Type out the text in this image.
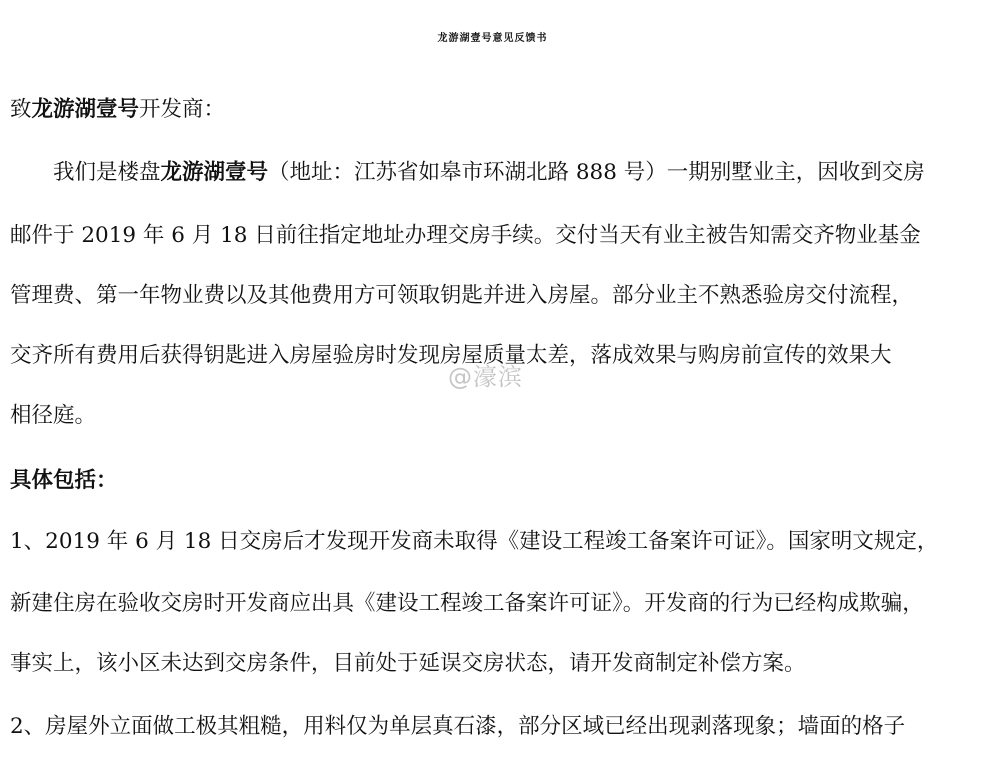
龙游湖壹号意见反馈书
致龙游湖壹号开发商：
我们是楼盘龙游湖壹号（地址：江苏省如皋市环湖北路 888 号）一期别墅业主，因收到交房
邮件于 2019 年 6 月 18 日前往指定地址办理交房手续。交付当天有业主被告知需交齐物业基金
管理费、第一年物业费以及其他费用方可领取钥匙并进入房屋。部分业主不熟悉验房交付流程，
交齐所有费用后获得钥匙进入房屋验房时发现房屋质量太差，落成效果与购房前宣传的效果大
相径庭。
具体包括：
1、2019 年 6 月 18 日交房后才发现开发商未取得《建设工程竣工备案许可证》。国家明文规定，
新建住房在验收交房时开发商应出具《建设工程竣工备案许可证》。开发商的行为已经构成欺骗，
事实上，该小区未达到交房条件，目前处于延误交房状态，请开发商制定补偿方案。
2、房屋外立面做工极其粗糙，用料仅为单层真石漆，部分区域已经出现剥落现象；墙面的格子
@濠滨
